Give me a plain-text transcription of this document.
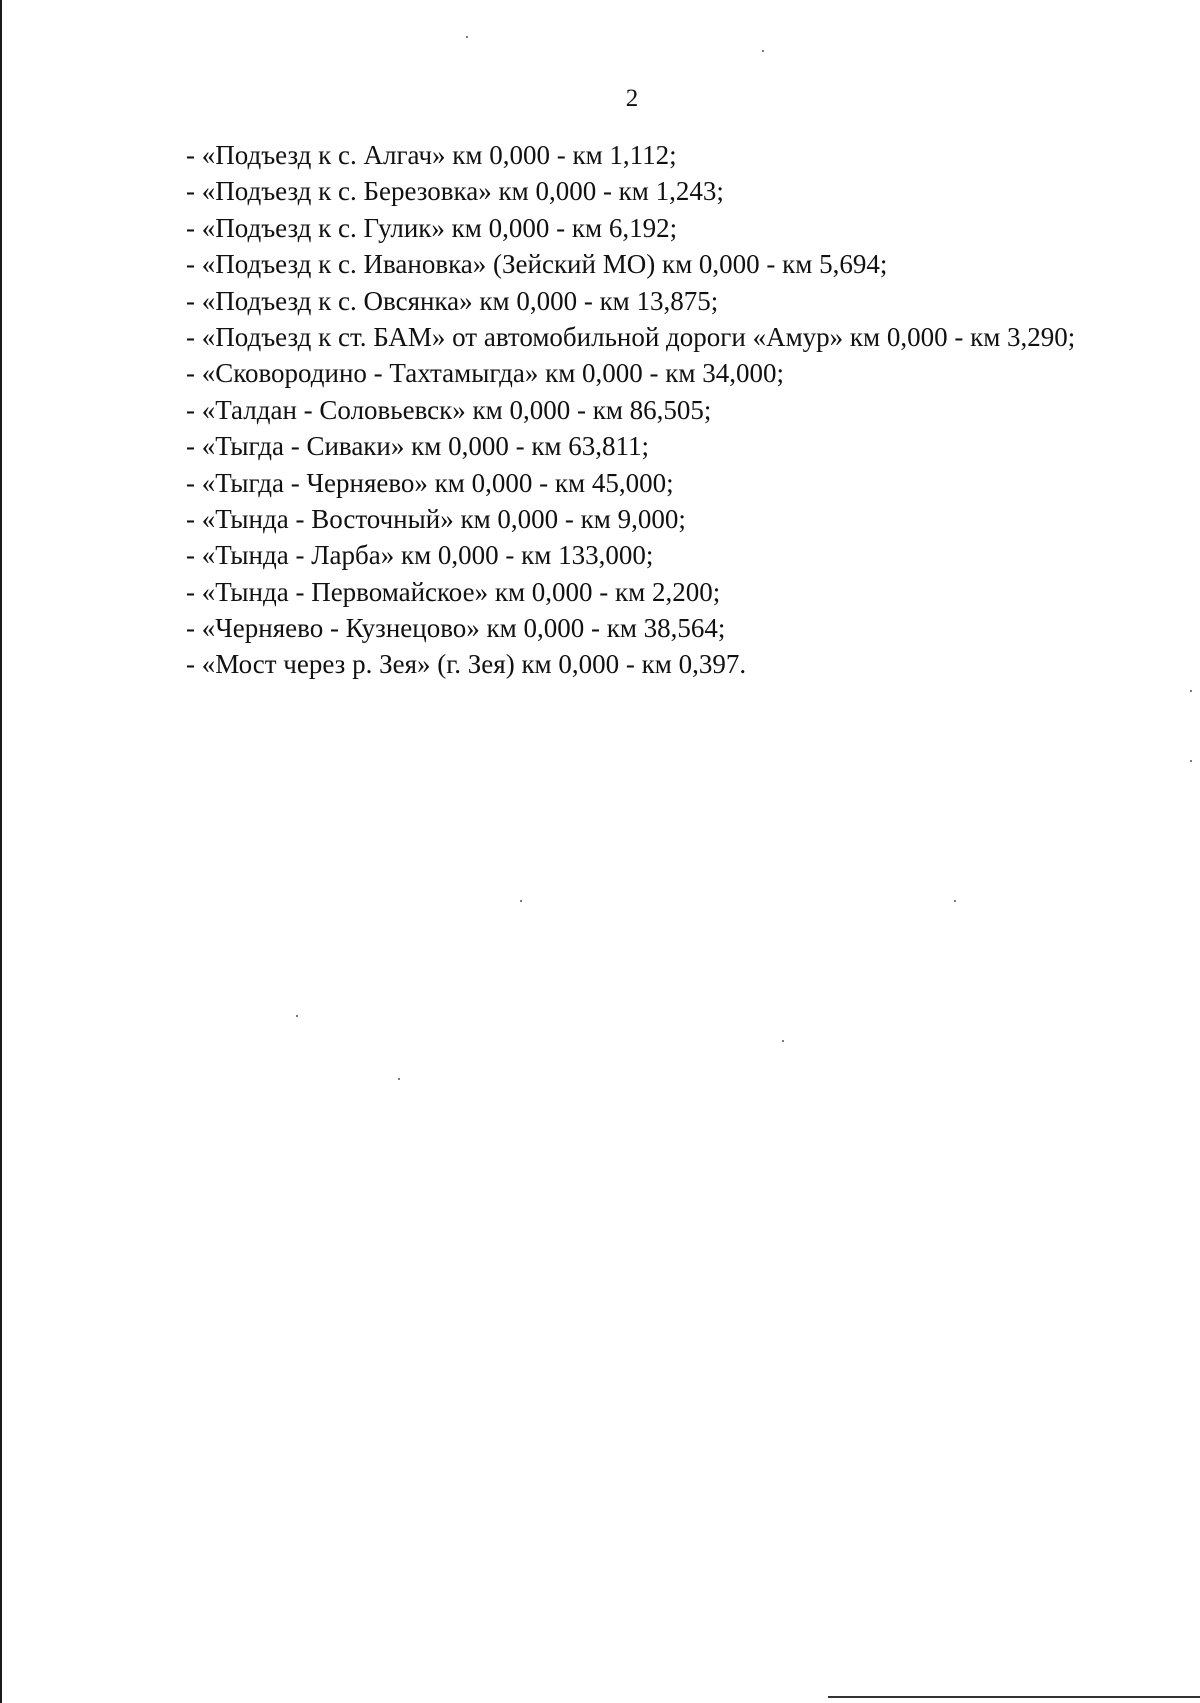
2
- «Подъезд к с. Алгач» км 0,000 - км 1,112;
- «Подъезд к с. Березовка» км 0,000 - км 1,243;
- «Подъезд к с. Гулик» км 0,000 - км 6,192;
- «Подъезд к с. Ивановка» (Зейский МО) км 0,000 - км 5,694;
- «Подъезд к с. Овсянка» км 0,000 - км 13,875;
- «Подъезд к ст. БАМ» от автомобильной дороги «Амур» км 0,000 - км 3,290;
- «Сковородино - Тахтамыгда» км 0,000 - км 34,000;
- «Талдан - Соловьевск» км 0,000 - км 86,505;
- «Тыгда - Сиваки» км 0,000 - км 63,811;
- «Тыгда - Черняево» км 0,000 - км 45,000;
- «Тында - Восточный» км 0,000 - км 9,000;
- «Тында - Ларба» км 0,000 - км 133,000;
- «Тында - Первомайское» км 0,000 - км 2,200;
- «Черняево - Кузнецово» км 0,000 - км 38,564;
- «Мост через р. Зея» (г. Зея) км 0,000 - км 0,397.
